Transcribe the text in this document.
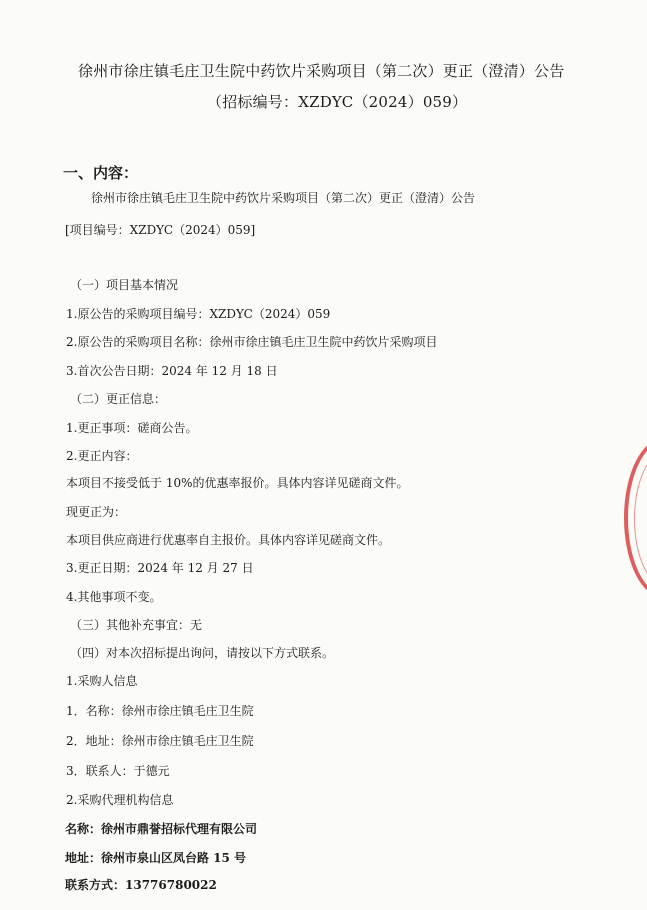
徐州市徐庄镇毛庄卫生院中药饮片采购项目（第二次）更正（澄清）公告

（招标编号：XZDYC（2024）059）

一、内容：

徐州市徐庄镇毛庄卫生院中药饮片采购项目（第二次）更正（澄清）公告

[项目编号：XZDYC（2024）059]

（一）项目基本情况

1.原公告的采购项目编号：XZDYC（2024）059

2.原公告的采购项目名称：徐州市徐庄镇毛庄卫生院中药饮片采购项目

3.首次公告日期：2024 年 12 月 18 日

（二）更正信息：

1.更正事项：磋商公告。

2.更正内容：

本项目不接受低于 10%的优惠率报价。具体内容详见磋商文件。

现更正为：

本项目供应商进行优惠率自主报价。具体内容详见磋商文件。

3.更正日期：2024 年 12 月 27 日

4.其他事项不变。

（三）其他补充事宜：无

（四）对本次招标提出询问，请按以下方式联系。

1.采购人信息

1．名称：徐州市徐庄镇毛庄卫生院

2．地址：徐州市徐庄镇毛庄卫生院

3．联系人：于德元

2.采购代理机构信息

名称：徐州市鼎誉招标代理有限公司

地址：徐州市泉山区凤台路 15 号

联系方式：13776780022
